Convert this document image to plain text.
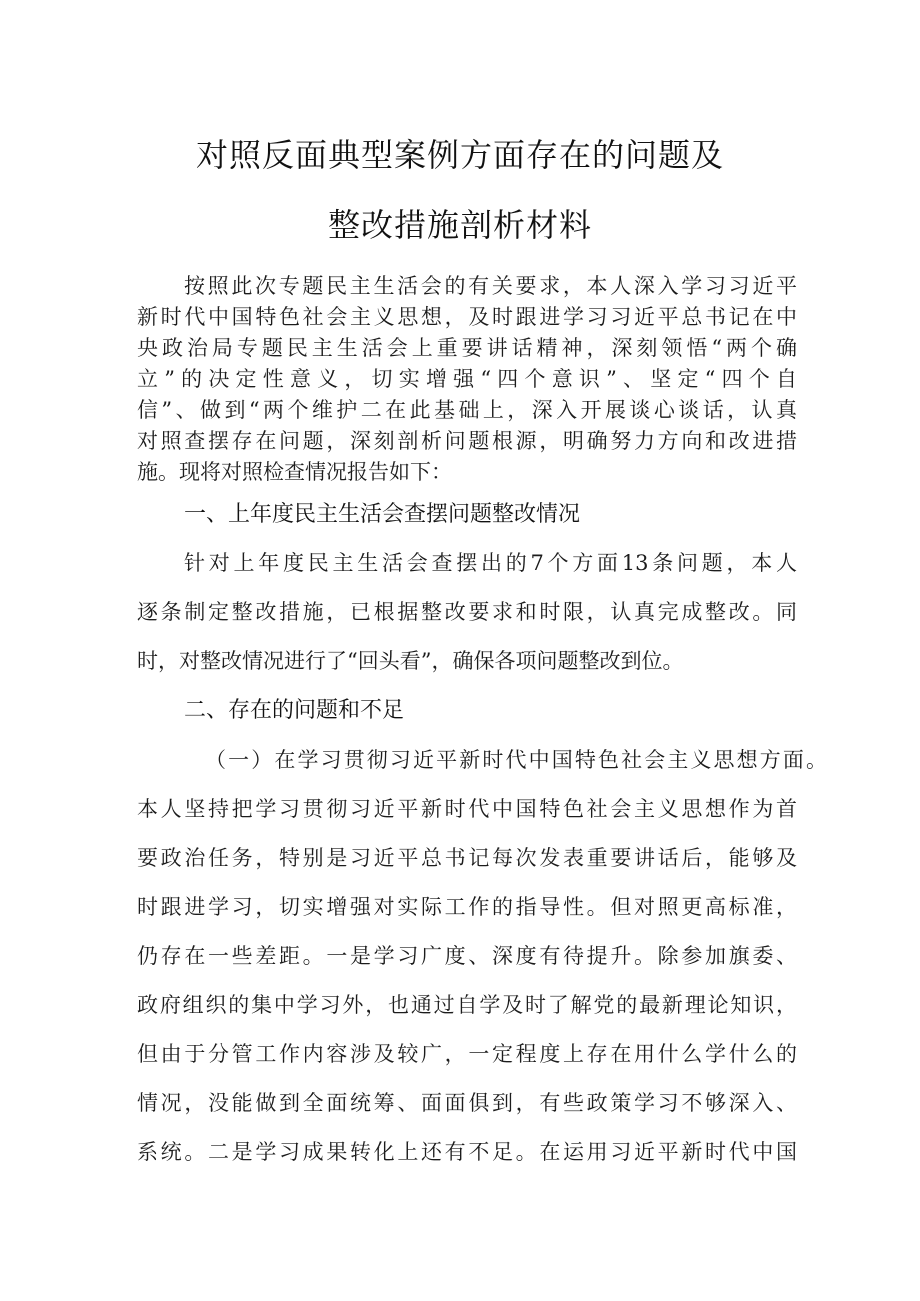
对照反面典型案例方面存在的问题及
整改措施剖析材料
按照此次专题民主生活会的有关要求，本人深入学习习近平
新时代中国特色社会主义思想，及时跟进学习习近平总书记在中
央政治局专题民主生活会上重要讲话精神，深刻领悟“两个确
立”的决定性意义，切实增强“四个意识”、坚定“四个自
信”、做到“两个维护二在此基础上，深入开展谈心谈话，认真
对照查摆存在问题，深刻剖析问题根源，明确努力方向和改进措
施。现将对照检查情况报告如下：
一、上年度民主生活会查摆问题整改情况
针对上年度民主生活会查摆出的7个方面13条问题，本人
逐条制定整改措施，已根据整改要求和时限，认真完成整改。同
时，对整改情况进行了“回头看”，确保各项问题整改到位。
二、存在的问题和不足
（一）在学习贯彻习近平新时代中国特色社会主义思想方面。
本人坚持把学习贯彻习近平新时代中国特色社会主义思想作为首
要政治任务，特别是习近平总书记每次发表重要讲话后，能够及
时跟进学习，切实增强对实际工作的指导性。但对照更高标准，
仍存在一些差距。一是学习广度、深度有待提升。除参加旗委、
政府组织的集中学习外，也通过自学及时了解党的最新理论知识，
但由于分管工作内容涉及较广，一定程度上存在用什么学什么的
情况，没能做到全面统筹、面面俱到，有些政策学习不够深入、
系统。二是学习成果转化上还有不足。在运用习近平新时代中国
